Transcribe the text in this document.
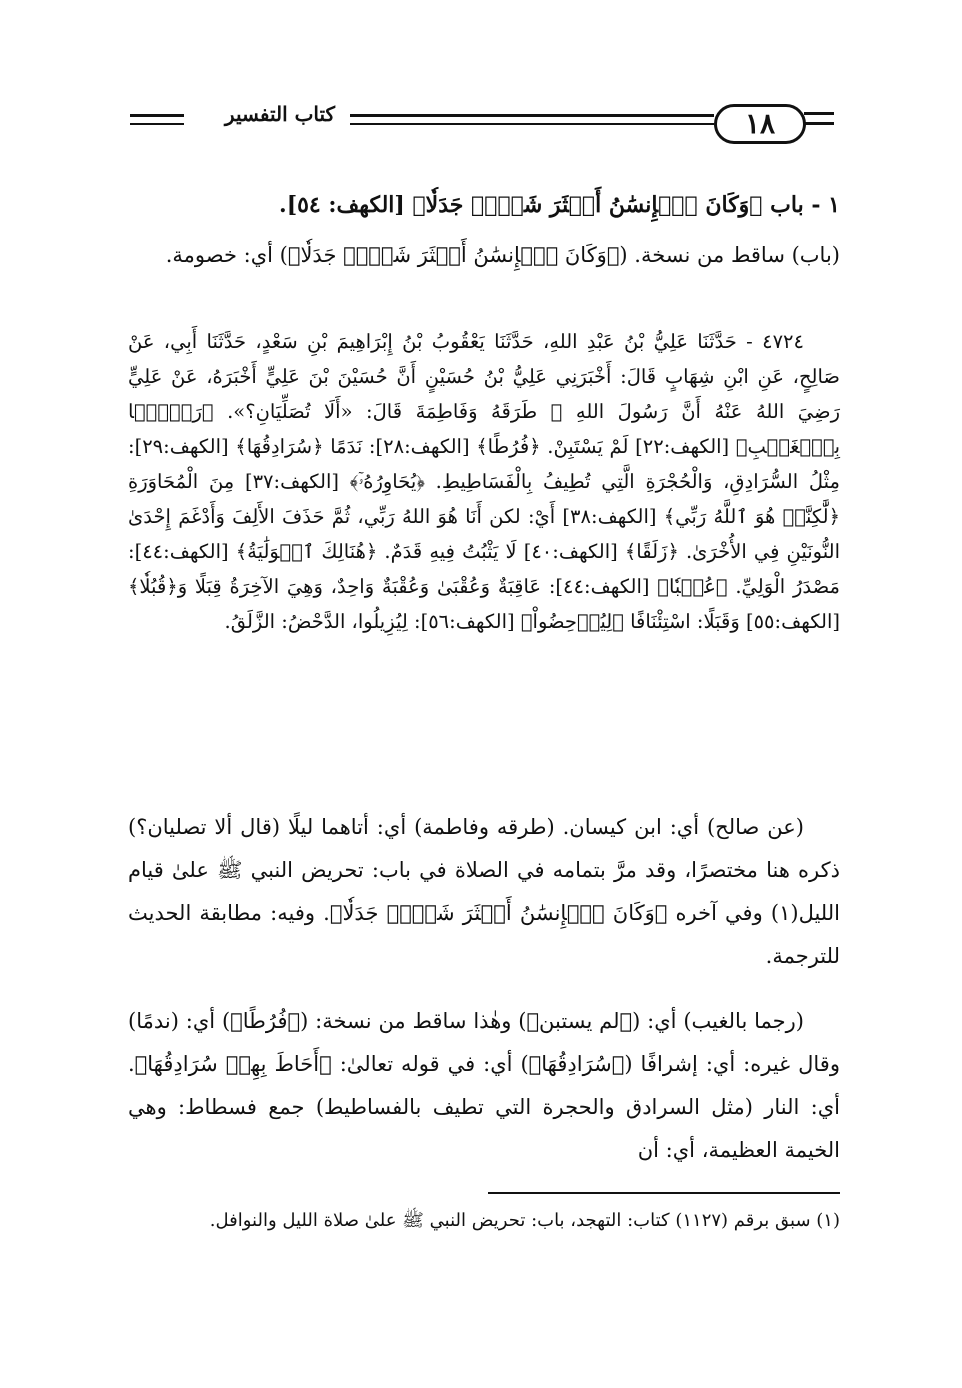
١٨
كتاب التفسير
١ - باب ﴿وَكَانَ ٱلۡإِنسَٰنُ أَكۡثَرَ شَيۡءٖ جَدَلٗا﴾ [الكهف: ٥٤].
(باب) ساقط من نسخة. (﴿وَكَانَ ٱلۡإِنسَٰنُ أَكۡثَرَ شَيۡءٖ جَدَلٗا﴾) أي: خصومة.
٤٧٢٤ - حَدَّثَنَا عَلِيُّ بْنُ عَبْدِ اللهِ، حَدَّثَنَا يَعْقُوبُ بْنُ إِبْرَاهِيمَ بْنِ سَعْدٍ، حَدَّثَنَا أَبِي، عَنْ صَالِحٍ، عَنِ ابْنِ شِهَابٍ قَالَ: أَخْبَرَنِي عَلِيُّ بْنُ حُسَيْنٍ أَنَّ حُسَيْنَ بْنَ عَلِيٍّ أَخْبَرَهُ، عَنْ عَلِيٍّ رَضِيَ اللهُ عَنْهُ أَنَّ رَسُولَ اللهِ ﷺ طَرَقَهُ وَفَاطِمَةَ قَالَ: «أَلَا تُصَلِّيَانِ؟». ﴿رَجۡمَۢا بِٱلۡغَيۡبِ﴾ [الكهف:٢٢] لَمْ يَسْتَبِنْ. ﴿فُرُطًا﴾ [الكهف:٢٨]: نَدَمًا ﴿سُرَادِقُهَا﴾ [الكهف:٢٩]: مِثْلُ السُّرَادِقِ، وَالْحُجْرَةِ الَّتِي تُطِيفُ بِالْفَسَاطِيطِ. ﴿يُحَاوِرُهُۥٓ﴾ [الكهف:٣٧] مِنَ الْمُحَاوَرَةِ ﴿لَّٰكِنَّا۠ هُوَ ٱللَّهُ رَبِّي﴾ [الكهف:٣٨] أَيْ: لكن أَنَا هُوَ اللهُ رَبِّي، ثُمَّ حَذَفَ الأَلِفَ وَأَدْغَمَ إِحْدَىٰ النُّونَيْنِ فِي الأُخْرَىٰ. ﴿زَلَقًا﴾ [الكهف:٤٠] لَا يَثْبُتُ فِيهِ قَدَمٌ. ﴿هُنَالِكَ ٱلۡوَلَٰيَةُ﴾ [الكهف:٤٤]: مَصْدَرُ الْوَلِيِّ. ﴿عُقۡبٗا﴾ [الكهف:٤٤]: عَاقِبَةٌ وَعُقْبَىٰ وَعُقْبَةٌ وَاحِدٌ، وَهِيَ الآخِرَةُ قِبَلًا وَ﴿قُبُلٗا﴾ [الكهف:٥٥] وَقَبَلًا: اسْتِئْنَافًا ﴿لِيُدۡحِضُواْ﴾ [الكهف:٥٦]: لِيُزِيلُوا، الدَّحْضُ: الزَّلَقُ.
(عن صالح) أي: ابن كيسان. (طرقه وفاطمة) أي: أتاهما ليلًا (قال ألا تصليان؟) ذكره هنا مختصرًا، وقد مرَّ بتمامه في الصلاة في باب: تحريض النبي ﷺ علىٰ قيام الليل(١) وفي آخره ﴿وَكَانَ ٱلۡإِنسَٰنُ أَكۡثَرَ شَيۡءٖ جَدَلٗا﴾. وفيه: مطابقة الحديث للترجمة.
(رجما بالغيب) أي: (﴿لم يستبن﴾) وهٰذا ساقط من نسخة: (﴿فُرُطًا﴾) أي: (ندمًا) وقال غيره: أي: إشرافًا (﴿سُرَادِقُهَا﴾) أي: في قوله تعالىٰ: ﴿أَحَاطَ بِهِمۡ سُرَادِقُهَا﴾. أي: النار (مثل السرادق والحجرة التي تطيف بالفساطيط) جمع فسطاط: وهي الخيمة العظيمة، أي: أن
(١) سبق برقم (١١٢٧) كتاب: التهجد، باب: تحريض النبي ﷺ علىٰ صلاة الليل والنوافل.
